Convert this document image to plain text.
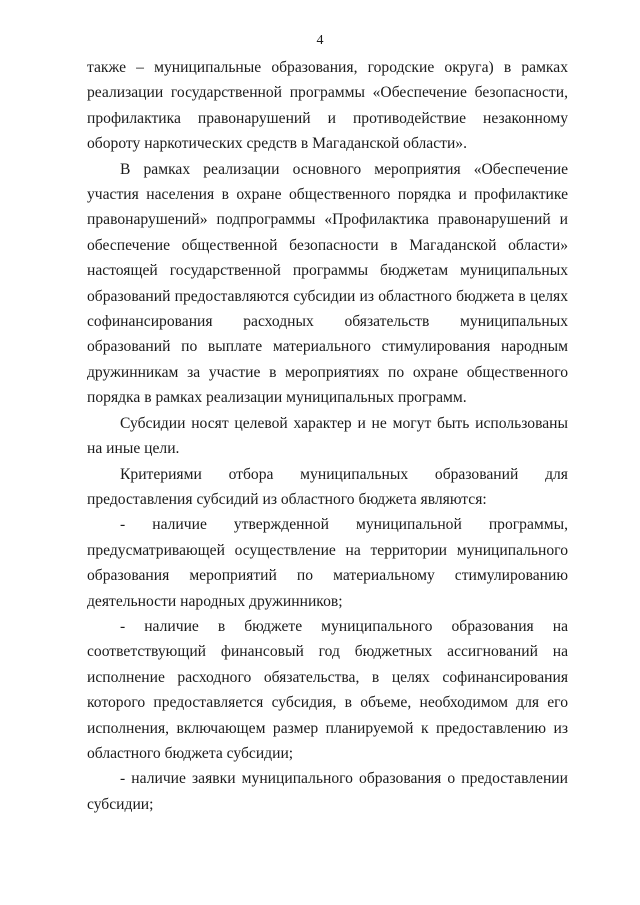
4

также – муниципальные образования, городские округа) в рамках реализации государственной программы «Обеспечение безопасности, профилактика правонарушений и противодействие незаконному обороту наркотических средств в Магаданской области».

В рамках реализации основного мероприятия «Обеспечение участия населения в охране общественного порядка и профилактике правонарушений» подпрограммы «Профилактика правонарушений и обеспечение общественной безопасности в Магаданской области» настоящей государственной программы бюджетам муниципальных образований предоставляются субсидии из областного бюджета в целях софинансирования расходных обязательств муниципальных образований по выплате материального стимулирования народным дружинникам за участие в мероприятиях по охране общественного порядка в рамках реализации муниципальных программ.

Субсидии носят целевой характер и не могут быть использованы на иные цели.

Критериями отбора муниципальных образований для предоставления субсидий из областного бюджета являются:

- наличие утвержденной муниципальной программы, предусматривающей осуществление на территории муниципального образования мероприятий по материальному стимулированию деятельности народных дружинников;

- наличие в бюджете муниципального образования на соответствующий финансовый год бюджетных ассигнований на исполнение расходного обязательства, в целях софинансирования которого предоставляется субсидия, в объеме, необходимом для его исполнения, включающем размер планируемой к предоставлению из областного бюджета субсидии;

- наличие заявки муниципального образования о предоставлении субсидии;
